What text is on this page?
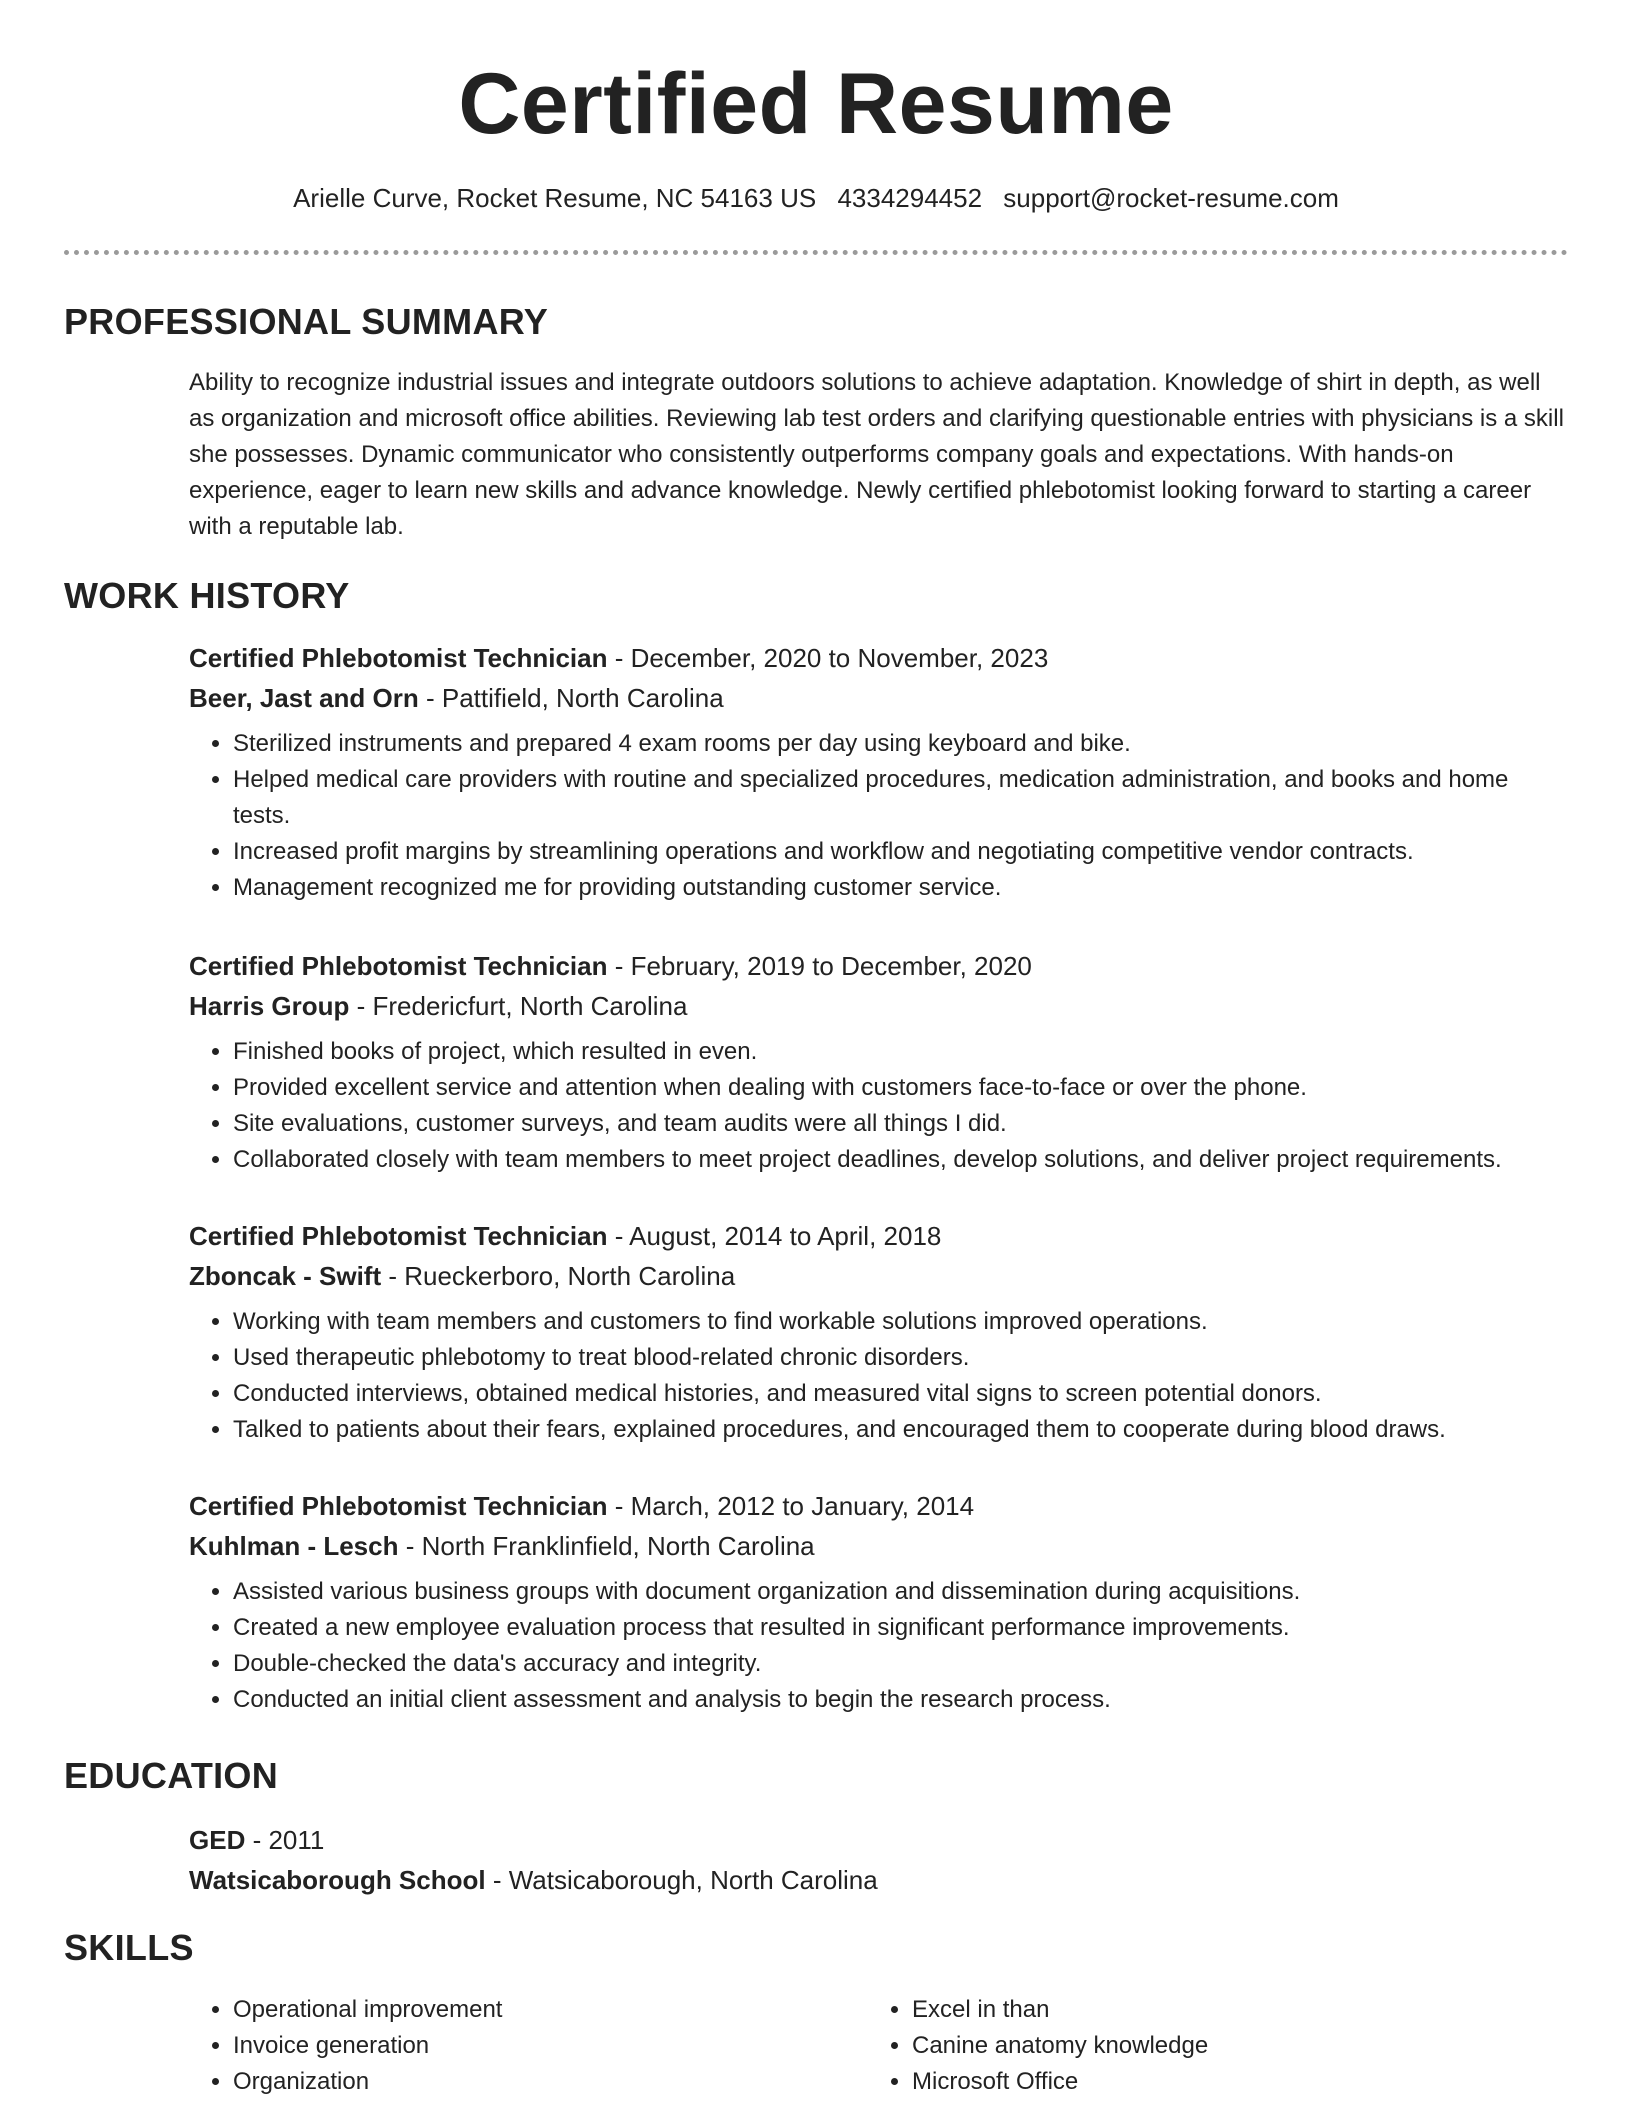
Certified Resume
Arielle Curve, Rocket Resume, NC 54163 US 4334294452 support@rocket-resume.com
PROFESSIONAL SUMMARY
Ability to recognize industrial issues and integrate outdoors solutions to achieve adaptation. Knowledge of shirt in depth, as well as organization and microsoft office abilities. Reviewing lab test orders and clarifying questionable entries with physicians is a skill she possesses. Dynamic communicator who consistently outperforms company goals and expectations. With hands-on experience, eager to learn new skills and advance knowledge. Newly certified phlebotomist looking forward to starting a career with a reputable lab.
WORK HISTORY
Certified Phlebotomist Technician - December, 2020 to November, 2023
Beer, Jast and Orn - Pattifield, North Carolina
• Sterilized instruments and prepared 4 exam rooms per day using keyboard and bike.
• Helped medical care providers with routine and specialized procedures, medication administration, and books and home tests.
• Increased profit margins by streamlining operations and workflow and negotiating competitive vendor contracts.
• Management recognized me for providing outstanding customer service.
Certified Phlebotomist Technician - February, 2019 to December, 2020
Harris Group - Fredericfurt, North Carolina
• Finished books of project, which resulted in even.
• Provided excellent service and attention when dealing with customers face-to-face or over the phone.
• Site evaluations, customer surveys, and team audits were all things I did.
• Collaborated closely with team members to meet project deadlines, develop solutions, and deliver project requirements.
Certified Phlebotomist Technician - August, 2014 to April, 2018
Zboncak - Swift - Rueckerboro, North Carolina
• Working with team members and customers to find workable solutions improved operations.
• Used therapeutic phlebotomy to treat blood-related chronic disorders.
• Conducted interviews, obtained medical histories, and measured vital signs to screen potential donors.
• Talked to patients about their fears, explained procedures, and encouraged them to cooperate during blood draws.
Certified Phlebotomist Technician - March, 2012 to January, 2014
Kuhlman - Lesch - North Franklinfield, North Carolina
• Assisted various business groups with document organization and dissemination during acquisitions.
• Created a new employee evaluation process that resulted in significant performance improvements.
• Double-checked the data's accuracy and integrity.
• Conducted an initial client assessment and analysis to begin the research process.
EDUCATION
GED - 2011
Watsicaborough School - Watsicaborough, North Carolina
SKILLS
• Operational improvement
• Invoice generation
• Organization
• Excel in than
• Canine anatomy knowledge
• Microsoft Office
